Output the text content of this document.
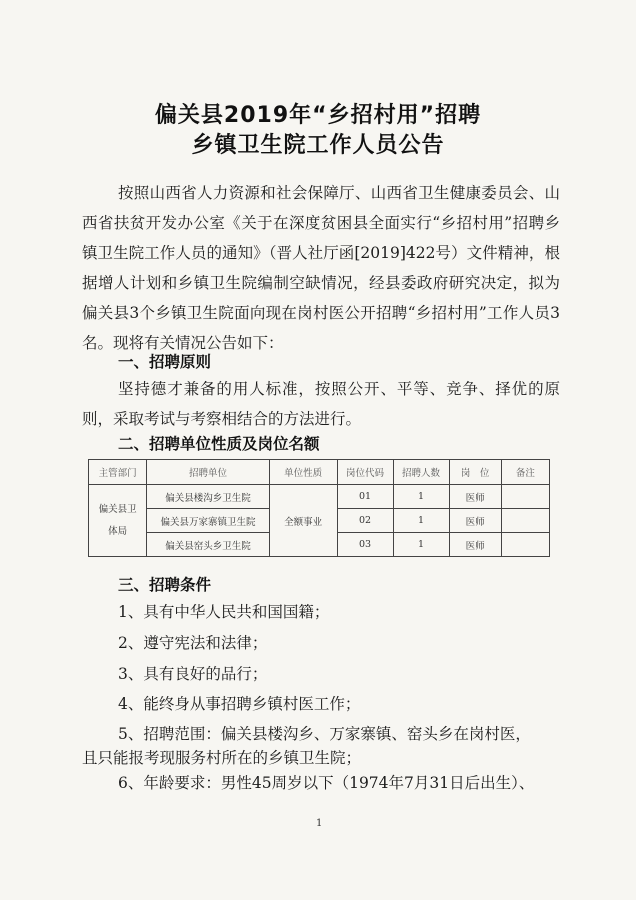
偏关县2019年“乡招村用”招聘
乡镇卫生院工作人员公告
按照山西省人力资源和社会保障厅、山西省卫生健康委员会、山西省扶贫开发办公室《关于在深度贫困县全面实行“乡招村用”招聘乡镇卫生院工作人员的通知》（晋人社厅函[2019]422号）文件精神，根据增人计划和乡镇卫生院编制空缺情况，经县委政府研究决定，拟为偏关县3个乡镇卫生院面向现在岗村医公开招聘“乡招村用”工作人员3名。现将有关情况公告如下：
一、招聘原则
坚持德才兼备的用人标准，按照公开、平等、竞争、择优的原则，采取考试与考察相结合的方法进行。
二、招聘单位性质及岗位名额
主管部门	招聘单位	单位性质	岗位代码	招聘人数	岗　位	备注
偏关县卫体局	偏关县楼沟乡卫生院	全额事业	01	1	医师	
	偏关县万家寨镇卫生院		02	1	医师	
	偏关县窑头乡卫生院		03	1	医师	
三、招聘条件
1、具有中华人民共和国国籍；
2、遵守宪法和法律；
3、具有良好的品行；
4、能终身从事招聘乡镇村医工作；
5、招聘范围：偏关县楼沟乡、万家寨镇、窑头乡在岗村医，
且只能报考现服务村所在的乡镇卫生院；
6、年龄要求：男性45周岁以下（1974年7月31日后出生）、
1
